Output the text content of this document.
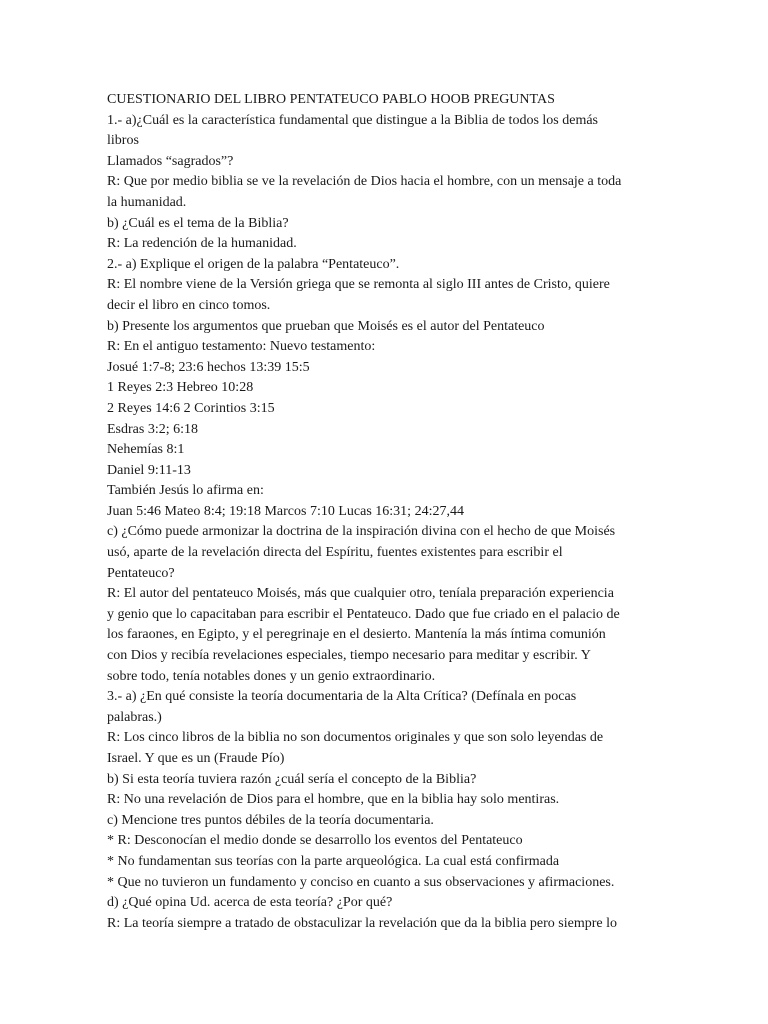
CUESTIONARIO DEL LIBRO PENTATEUCO PABLO HOOB PREGUNTAS
1.- a)¿Cuál es la característica fundamental que distingue a la Biblia de todos los demás
libros
Llamados “sagrados”?
R: Que por medio biblia se ve la revelación de Dios hacia el hombre, con un mensaje a toda
la humanidad.
b) ¿Cuál es el tema de la Biblia?
R: La redención de la humanidad.
2.- a) Explique el origen de la palabra “Pentateuco”.
R: El nombre viene de la Versión griega que se remonta al siglo III antes de Cristo, quiere
decir el libro en cinco tomos.
b) Presente los argumentos que prueban que Moisés es el autor del Pentateuco
R: En el antiguo testamento: Nuevo testamento:
Josué 1:7-8; 23:6 hechos 13:39 15:5
1 Reyes 2:3 Hebreo 10:28
2 Reyes 14:6 2 Corintios 3:15
Esdras 3:2; 6:18
Nehemías 8:1
Daniel 9:11-13
También Jesús lo afirma en:
Juan 5:46 Mateo 8:4; 19:18 Marcos 7:10 Lucas 16:31; 24:27,44
c) ¿Cómo puede armonizar la doctrina de la inspiración divina con el hecho de que Moisés
usó, aparte de la revelación directa del Espíritu, fuentes existentes para escribir el
Pentateuco?
R: El autor del pentateuco Moisés, más que cualquier otro, teníala preparación experiencia
y genio que lo capacitaban para escribir el Pentateuco. Dado que fue criado en el palacio de
los faraones, en Egipto, y el peregrinaje en el desierto. Mantenía la más íntima comunión
con Dios y recibía revelaciones especiales, tiempo necesario para meditar y escribir. Y
sobre todo, tenía notables dones y un genio extraordinario.
3.- a) ¿En qué consiste la teoría documentaria de la Alta Crítica? (Defínala en pocas
palabras.)
R: Los cinco libros de la biblia no son documentos originales y que son solo leyendas de
Israel. Y que es un (Fraude Pío)
b) Si esta teoría tuviera razón ¿cuál sería el concepto de la Biblia?
R: No una revelación de Dios para el hombre, que en la biblia hay solo mentiras.
c) Mencione tres puntos débiles de la teoría documentaria.
* R: Desconocían el medio donde se desarrollo los eventos del Pentateuco
* No fundamentan sus teorías con la parte arqueológica. La cual está confirmada
* Que no tuvieron un fundamento y conciso en cuanto a sus observaciones y afirmaciones.
d) ¿Qué opina Ud. acerca de esta teoría? ¿Por qué?
R: La teoría siempre a tratado de obstaculizar la revelación que da la biblia pero siempre lo
